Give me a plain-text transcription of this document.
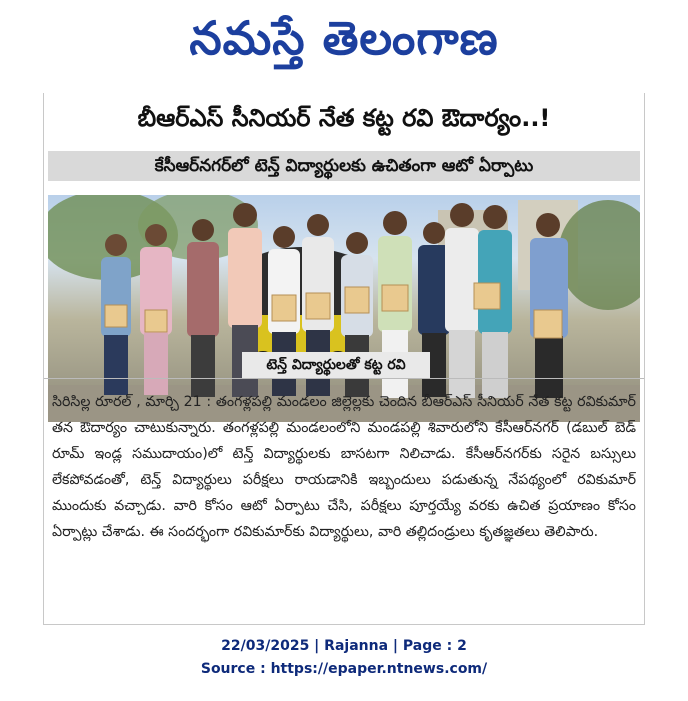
నమస్తే తెలంగాణ
బీఆర్ఎస్ సీనియర్ నేత కట్ట రవి ఔదార్యం..!
కేసీఆర్‌నగర్‌లో టెన్త్ విద్యార్థులకు ఉచితంగా ఆటో ఏర్పాటు
టెన్త్ విద్యార్థులతో కట్ట రవి
సిరిసిల్ల రూరల్ , మార్చి 21 : తంగళ్లపల్లి మండలం జిల్లెల్లకు చెందిన బీఆర్ఎస్ సీనియర్ నేత కట్ట రవికుమార్ తన ఔదార్యం చాటుకున్నారు. తంగళ్లపల్లి మండలంలోని మండపల్లి శివారులోని కేసీఆర్‌నగర్ (డబుల్ బెడ్ రూమ్ ఇండ్ల సముదాయం)లో టెన్త్ విద్యార్థులకు బాసటగా నిలిచాడు. కేసీఆర్‌నగర్‌కు సరైన బస్సులు లేకపోవడంతో, టెన్త్ విద్యార్థులు పరీక్షలు రాయడానికి ఇబ్బందులు పడుతున్న నేపథ్యంలో రవికుమార్ ముందుకు వచ్చాడు. వారి కోసం ఆటో ఏర్పాటు చేసి, పరీక్షలు పూర్తయ్యే వరకు ఉచిత ప్రయాణం కోసం ఏర్పాట్లు చేశాడు. ఈ సందర్భంగా రవికుమార్‌కు విద్యార్థులు, వారి తల్లిదండ్రులు కృతజ్ఞతలు తెలిపారు.
22/03/2025 | Rajanna | Page : 2
Source : https://epaper.ntnews.com/
